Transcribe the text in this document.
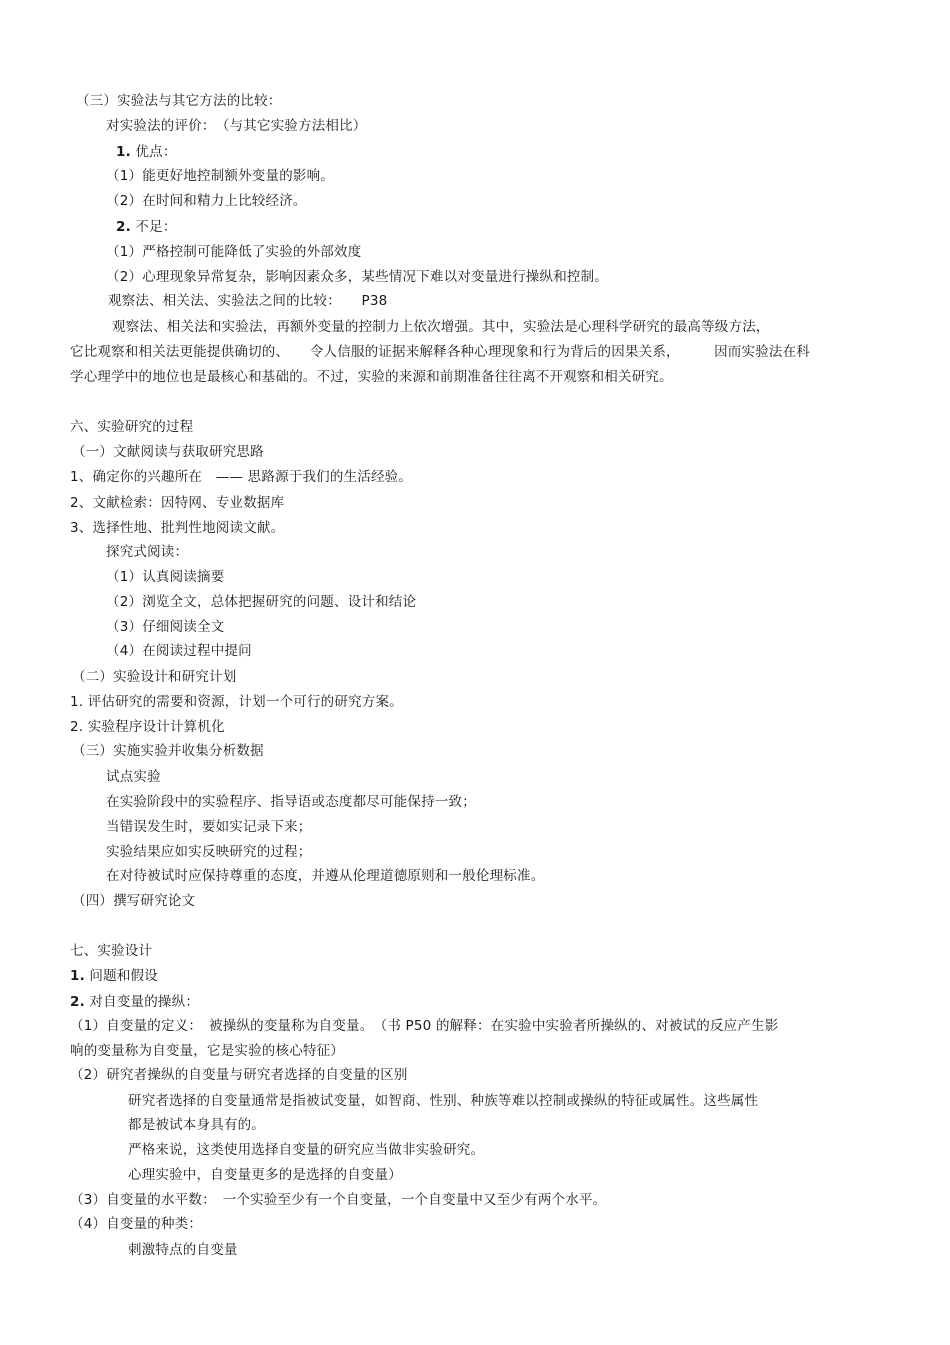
（三）实验法与其它方法的比较：
对实验法的评价：　（与其它实验方法相比）
1. 优点：
（1）能更好地控制额外变量的影响。
（2）在时间和精力上比较经济。
2. 不足：
（1）严格控制可能降低了实验的外部效度
（2）心理现象异常复杂，影响因素众多，某些情况下难以对变量进行操纵和控制。
观察法、相关法、实验法之间的比较：　　P38
观察法、相关法和实验法，再额外变量的控制力上依次增强。其中，实验法是心理科学研究的最高等级方法，
它比观察和相关法更能提供确切的、　　令人信服的证据来解释各种心理现象和行为背后的因果关系，　　　因而实验法在科
学心理学中的地位也是最核心和基础的。不过，实验的来源和前期准备往往离不开观察和相关研究。
六、实验研究的过程
（一）文献阅读与获取研究思路
1、确定你的兴趣所在　—— 思路源于我们的生活经验。
2、文献检索：因特网、专业数据库
3、选择性地、批判性地阅读文献。
探究式阅读：
（1）认真阅读摘要
（2）浏览全文，总体把握研究的问题、设计和结论
（3）仔细阅读全文
（4）在阅读过程中提问
（二）实验设计和研究计划
1. 评估研究的需要和资源，计划一个可行的研究方案。
2. 实验程序设计计算机化
（三）实施实验并收集分析数据
试点实验
在实验阶段中的实验程序、指导语或态度都尽可能保持一致；
当错误发生时，要如实记录下来；
实验结果应如实反映研究的过程；
在对待被试时应保持尊重的态度，并遵从伦理道德原则和一般伦理标准。
（四）撰写研究论文
七、实验设计
1. 问题和假设
2. 对自变量的操纵：
（1）自变量的定义：　被操纵的变量称为自变量。　（书 P50 的解释：在实验中实验者所操纵的、对被试的反应产生影
响的变量称为自变量，它是实验的核心特征）
（2）研究者操纵的自变量与研究者选择的自变量的区别
研究者选择的自变量通常是指被试变量，如智商、性别、种族等难以控制或操纵的特征或属性。这些属性
都是被试本身具有的。
严格来说，这类使用选择自变量的研究应当做非实验研究。
心理实验中，自变量更多的是选择的自变量）
（3）自变量的水平数：　一个实验至少有一个自变量，一个自变量中又至少有两个水平。
（4）自变量的种类：
刺激特点的自变量
